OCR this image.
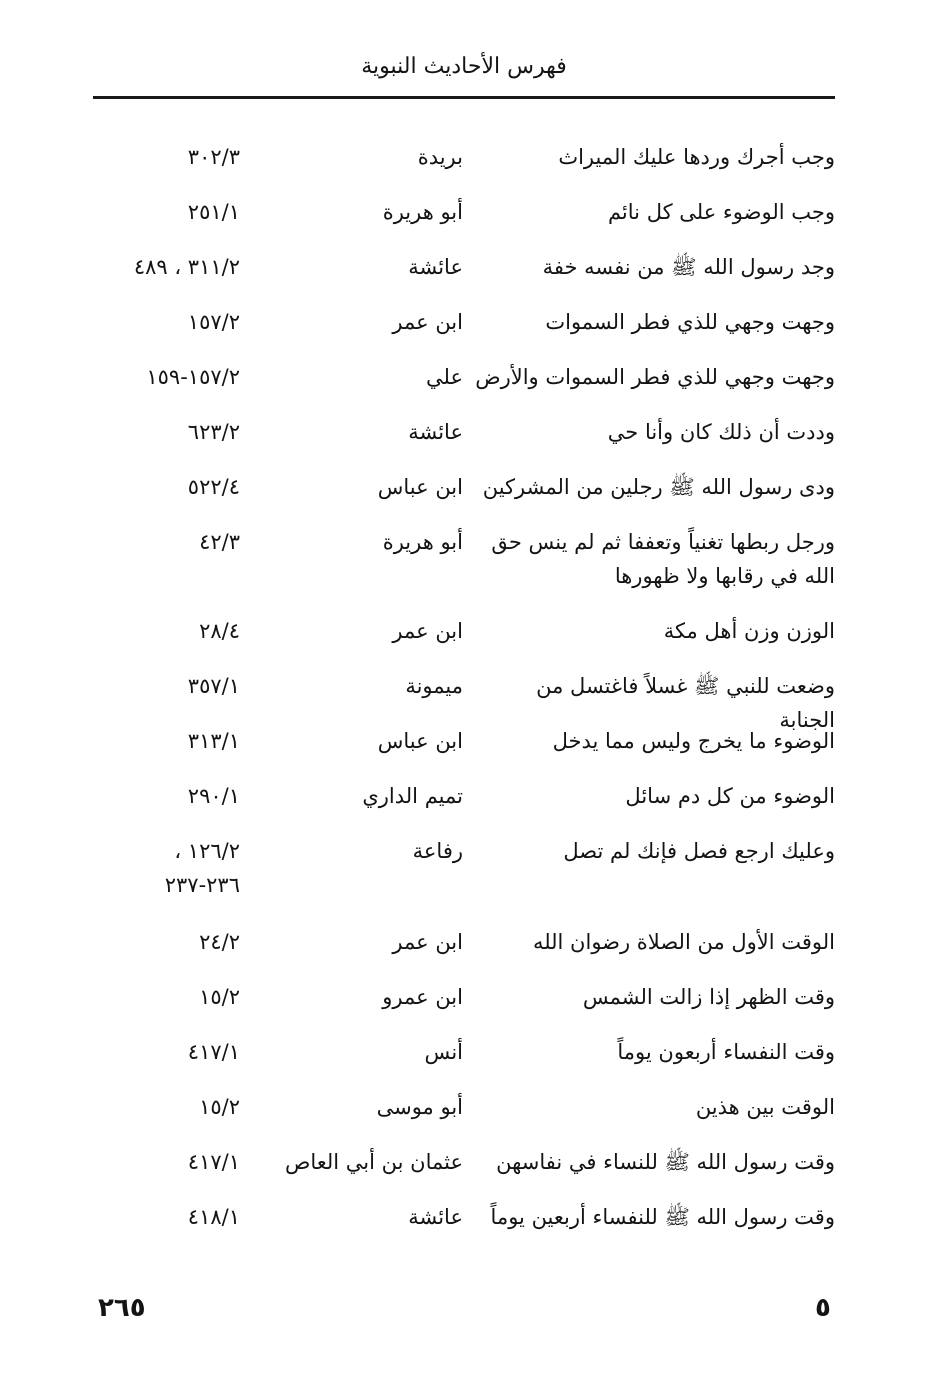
فهرس الأحاديث النبوية
وجب أجرك وردها عليك الميراث
بريدة
٣٠٢/٣
وجب الوضوء على كل نائم
أبو هريرة
٢٥١/١
وجد رسول الله ﷺ من نفسه خفة
عائشة
٣١١/٢ ، ٤٨٩
وجهت وجهي للذي فطر السموات
ابن عمر
١٥٧/٢
وجهت وجهي للذي فطر السموات والأرض
علي
١٥٧/٢-١٥٩
وددت أن ذلك كان وأنا حي
عائشة
٦٢٣/٢
ودى رسول الله ﷺ رجلين من المشركين
ابن عباس
٥٢٢/٤
ورجل ربطها تغنياً وتعففا ثم لم ينس حق الله في رقابها ولا ظهورها
أبو هريرة
٤٢/٣
الوزن وزن أهل مكة
ابن عمر
٢٨/٤
وضعت للنبي ﷺ غسلاً فاغتسل من الجنابة
ميمونة
٣٥٧/١
الوضوء ما يخرج وليس مما يدخل
ابن عباس
٣١٣/١
الوضوء من كل دم سائل
تميم الداري
٢٩٠/١
وعليك ارجع فصل فإنك لم تصل
رفاعة
١٢٦/٢ ، ٢٣٦-٢٣٧
الوقت الأول من الصلاة رضوان الله
ابن عمر
٢٤/٢
وقت الظهر إذا زالت الشمس
ابن عمرو
١٥/٢
وقت النفساء أربعون يوماً
أنس
٤١٧/١
الوقت بين هذين
أبو موسى
١٥/٢
وقت رسول الله ﷺ للنساء في نفاسهن
عثمان بن أبي العاص
٤١٧/١
وقت رسول الله ﷺ للنفساء أربعين يوماً
عائشة
٤١٨/١
٢٦٥	٥
